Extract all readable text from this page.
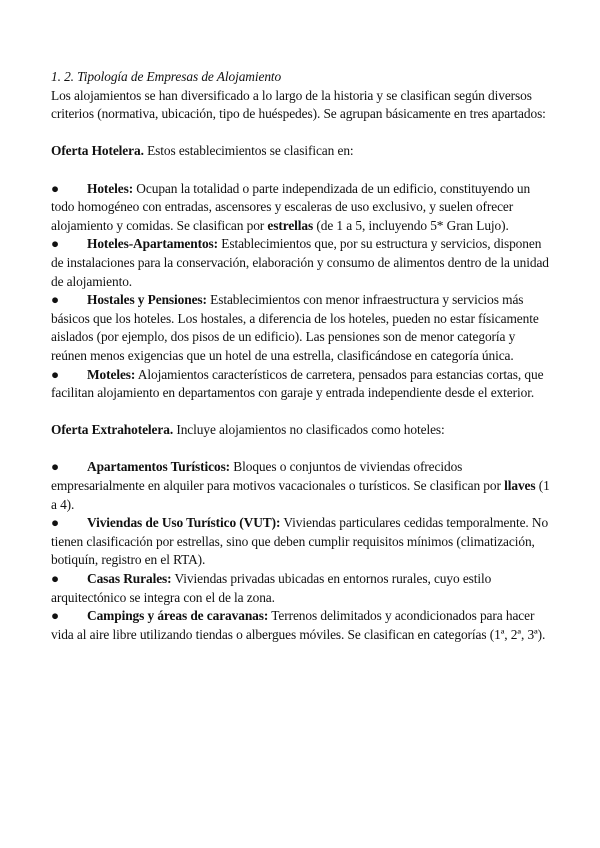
1. 2. Tipología de Empresas de Alojamiento

Los alojamientos se han diversificado a lo largo de la historia y se clasifican según diversos criterios (normativa, ubicación, tipo de huéspedes). Se agrupan básicamente en tres apartados:

Oferta Hotelera. Estos establecimientos se clasifican en:

●	Hoteles: Ocupan la totalidad o parte independizada de un edificio, constituyendo un todo homogéneo con entradas, ascensores y escaleras de uso exclusivo, y suelen ofrecer alojamiento y comidas. Se clasifican por estrellas (de 1 a 5, incluyendo 5* Gran Lujo).

●	Hoteles-Apartamentos: Establecimientos que, por su estructura y servicios, disponen de instalaciones para la conservación, elaboración y consumo de alimentos dentro de la unidad de alojamiento.

●	Hostales y Pensiones: Establecimientos con menor infraestructura y servicios más básicos que los hoteles. Los hostales, a diferencia de los hoteles, pueden no estar físicamente aislados (por ejemplo, dos pisos de un edificio). Las pensiones son de menor categoría y reúnen menos exigencias que un hotel de una estrella, clasificándose en categoría única.

●	Moteles: Alojamientos característicos de carretera, pensados para estancias cortas, que facilitan alojamiento en departamentos con garaje y entrada independiente desde el exterior.

Oferta Extrahotelera. Incluye alojamientos no clasificados como hoteles:

●	Apartamentos Turísticos: Bloques o conjuntos de viviendas ofrecidos empresarialmente en alquiler para motivos vacacionales o turísticos. Se clasifican por llaves (1 a 4).

●	Viviendas de Uso Turístico (VUT): Viviendas particulares cedidas temporalmente. No tienen clasificación por estrellas, sino que deben cumplir requisitos mínimos (climatización, botiquín, registro en el RTA).

●	Casas Rurales: Viviendas privadas ubicadas en entornos rurales, cuyo estilo arquitectónico se integra con el de la zona.

●	Campings y áreas de caravanas: Terrenos delimitados y acondicionados para hacer vida al aire libre utilizando tiendas o albergues móviles. Se clasifican en categorías (1ª, 2ª, 3ª).
